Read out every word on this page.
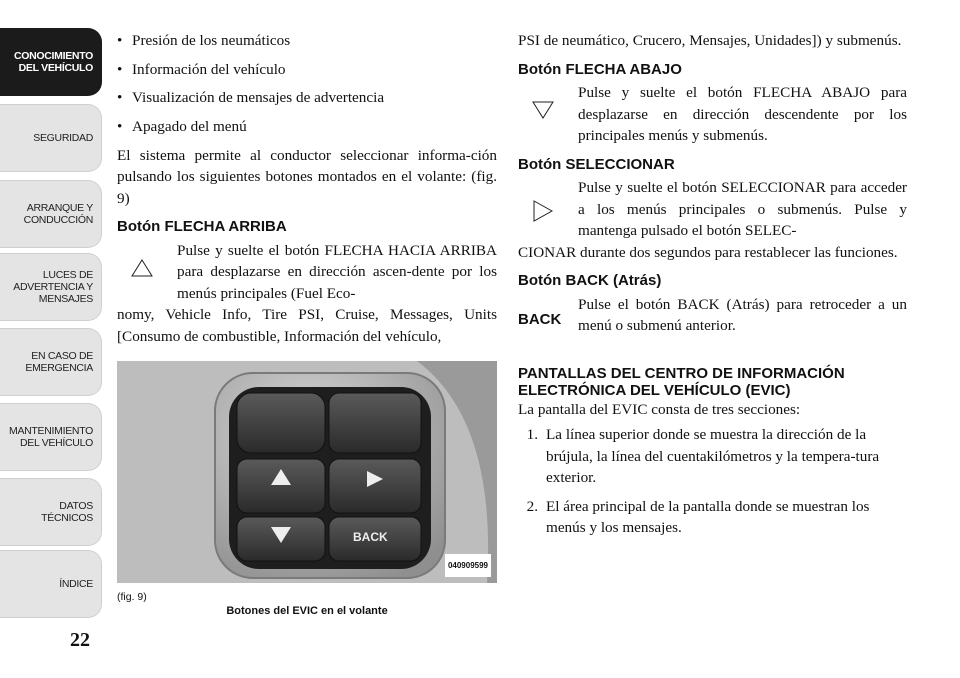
CONOCIMIENTO
DEL VEHÍCULO
SEGURIDAD
ARRANQUE Y
CONDUCCIÓN
LUCES DE
ADVERTENCIA Y
MENSAJES
EN CASO DE
EMERGENCIA
MANTENIMIENTO
DEL VEHÍCULO
DATOS
TÉCNICOS
ÍNDICE
22
• Presión de los neumáticos
• Información del vehículo
• Visualización de mensajes de advertencia
• Apagado del menú

El sistema permite al conductor seleccionar informa-ción pulsando los siguientes botones montados en el volante: (fig. 9)

Botón FLECHA ARRIBA

Pulse y suelte el botón FLECHA HACIA ARRIBA para desplazarse en dirección ascen-dente por los menús principales (Fuel Eco-

nomy, Vehicle Info, Tire PSI, Cruise, Messages, Units [Consumo de combustible, Información del vehículo,

BACK
040909599
(fig. 9)
Botones del EVIC en el volante

PSI de neumático, Crucero, Mensajes, Unidades]) y submenús.

Botón FLECHA ABAJO

Pulse y suelte el botón FLECHA ABAJO para desplazarse en dirección descendente por los principales menús y submenús.

Botón SELECCIONAR

Pulse y suelte el botón SELECCIONAR para acceder a los menús principales o submenús. Pulse y mantenga pulsado el botón SELEC-

CIONAR durante dos segundos para restablecer las funciones.

Botón BACK (Atrás)
BACK

Pulse el botón BACK (Atrás) para retroceder a un menú o submenú anterior.

PANTALLAS DEL CENTRO DE INFORMACIÓN ELECTRÓNICA DEL VEHÍCULO (EVIC)

La pantalla del EVIC consta de tres secciones:

1. La línea superior donde se muestra la dirección de la brújula, la línea del cuentakilómetros y la tempera-tura exterior.
2. El área principal de la pantalla donde se muestran los menús y los mensajes.
